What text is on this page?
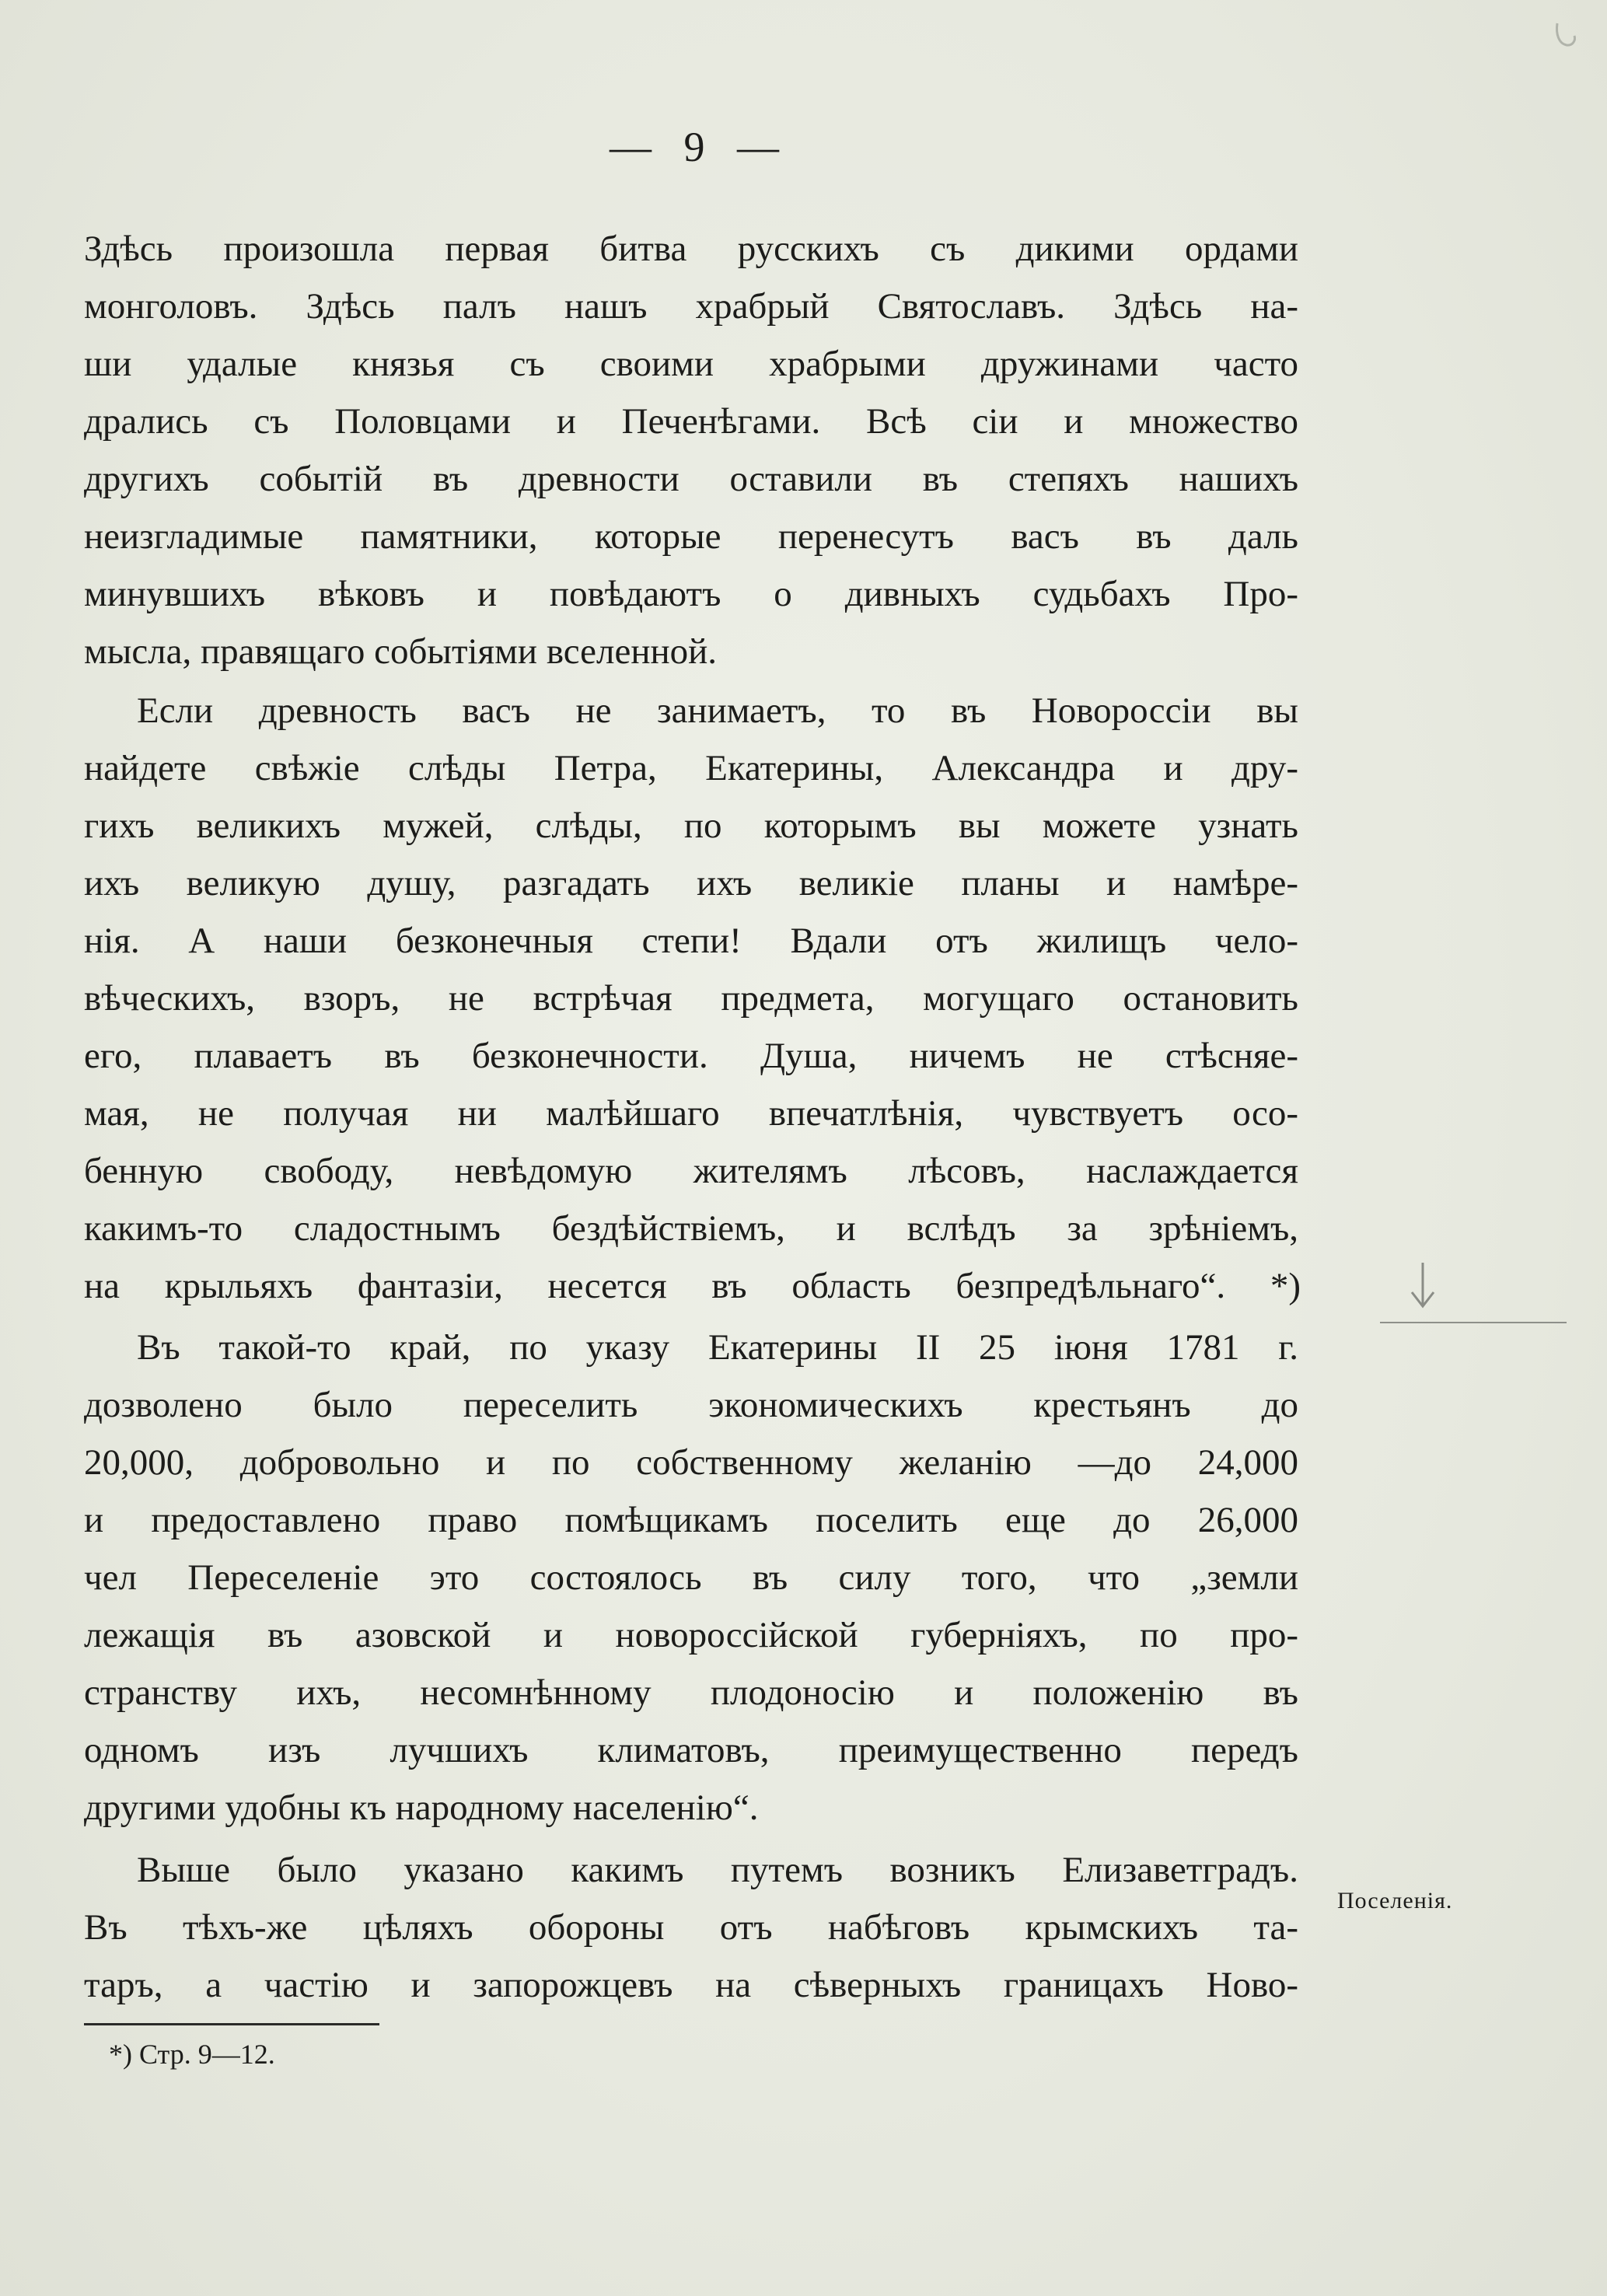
— 9 —
Здѣсь произошла первая битва русскихъ съ дикими ордами
монголовъ. Здѣсь палъ нашъ храбрый Святославъ. Здѣсь на-
ши удалые князья съ своими храбрыми дружинами часто
дрались съ Половцами и Печенѣгами. Всѣ сіи и множество
другихъ событій въ древности оставили въ степяхъ нашихъ
неизгладимые памятники, которые перенесутъ васъ въ даль
минувшихъ вѣковъ и повѣдаютъ о дивныхъ судьбахъ Про-
мысла, правящаго событіями вселенной.
Если древность васъ не занимаетъ, то въ Новороссіи вы
найдете свѣжіе слѣды Петра, Екатерины, Александра и дру-
гихъ великихъ мужей, слѣды, по которымъ вы можете узнать
ихъ великую душу, разгадать ихъ великіе планы и намѣре-
нія. А наши безконечныя степи! Вдали отъ жилищъ чело-
вѣческихъ, взоръ, не встрѣчая предмета, могущаго остановить
его, плаваетъ въ безконечности. Душа, ничемъ не стѣсняе-
мая, не получая ни малѣйшаго впечатлѣнія, чувствуетъ осо-
бенную свободу, невѣдомую жителямъ лѣсовъ, наслаждается
какимъ-то сладостнымъ бездѣйствіемъ, и вслѣдъ за зрѣніемъ,
на крыльяхъ фантазіи, несется въ область безпредѣльнаго“. *)
Въ такой-то край, по указу Екатерины II 25 іюня 1781 г.
дозволено было переселить экономическихъ крестьянъ до
20,000, добровольно и по собственному желанію —до 24,000
и предоставлено право помѣщикамъ поселить еще до 26,000
чел Переселеніе это состоялось въ силу того, что „земли
лежащія въ азовской и новороссійской губерніяхъ, по про-
странству ихъ, несомнѣнному плодоносію и положенію въ
одномъ изъ лучшихъ климатовъ, преимущественно передъ
другими удобны къ народному населенію“.
Выше было указано какимъ путемъ возникъ Елизаветградъ.
Въ тѣхъ-же цѣляхъ обороны отъ набѣговъ крымскихъ та-
таръ, а частію и запорожцевъ на сѣверныхъ границахъ Ново-
Поселенія.
*) Стр. 9—12.
